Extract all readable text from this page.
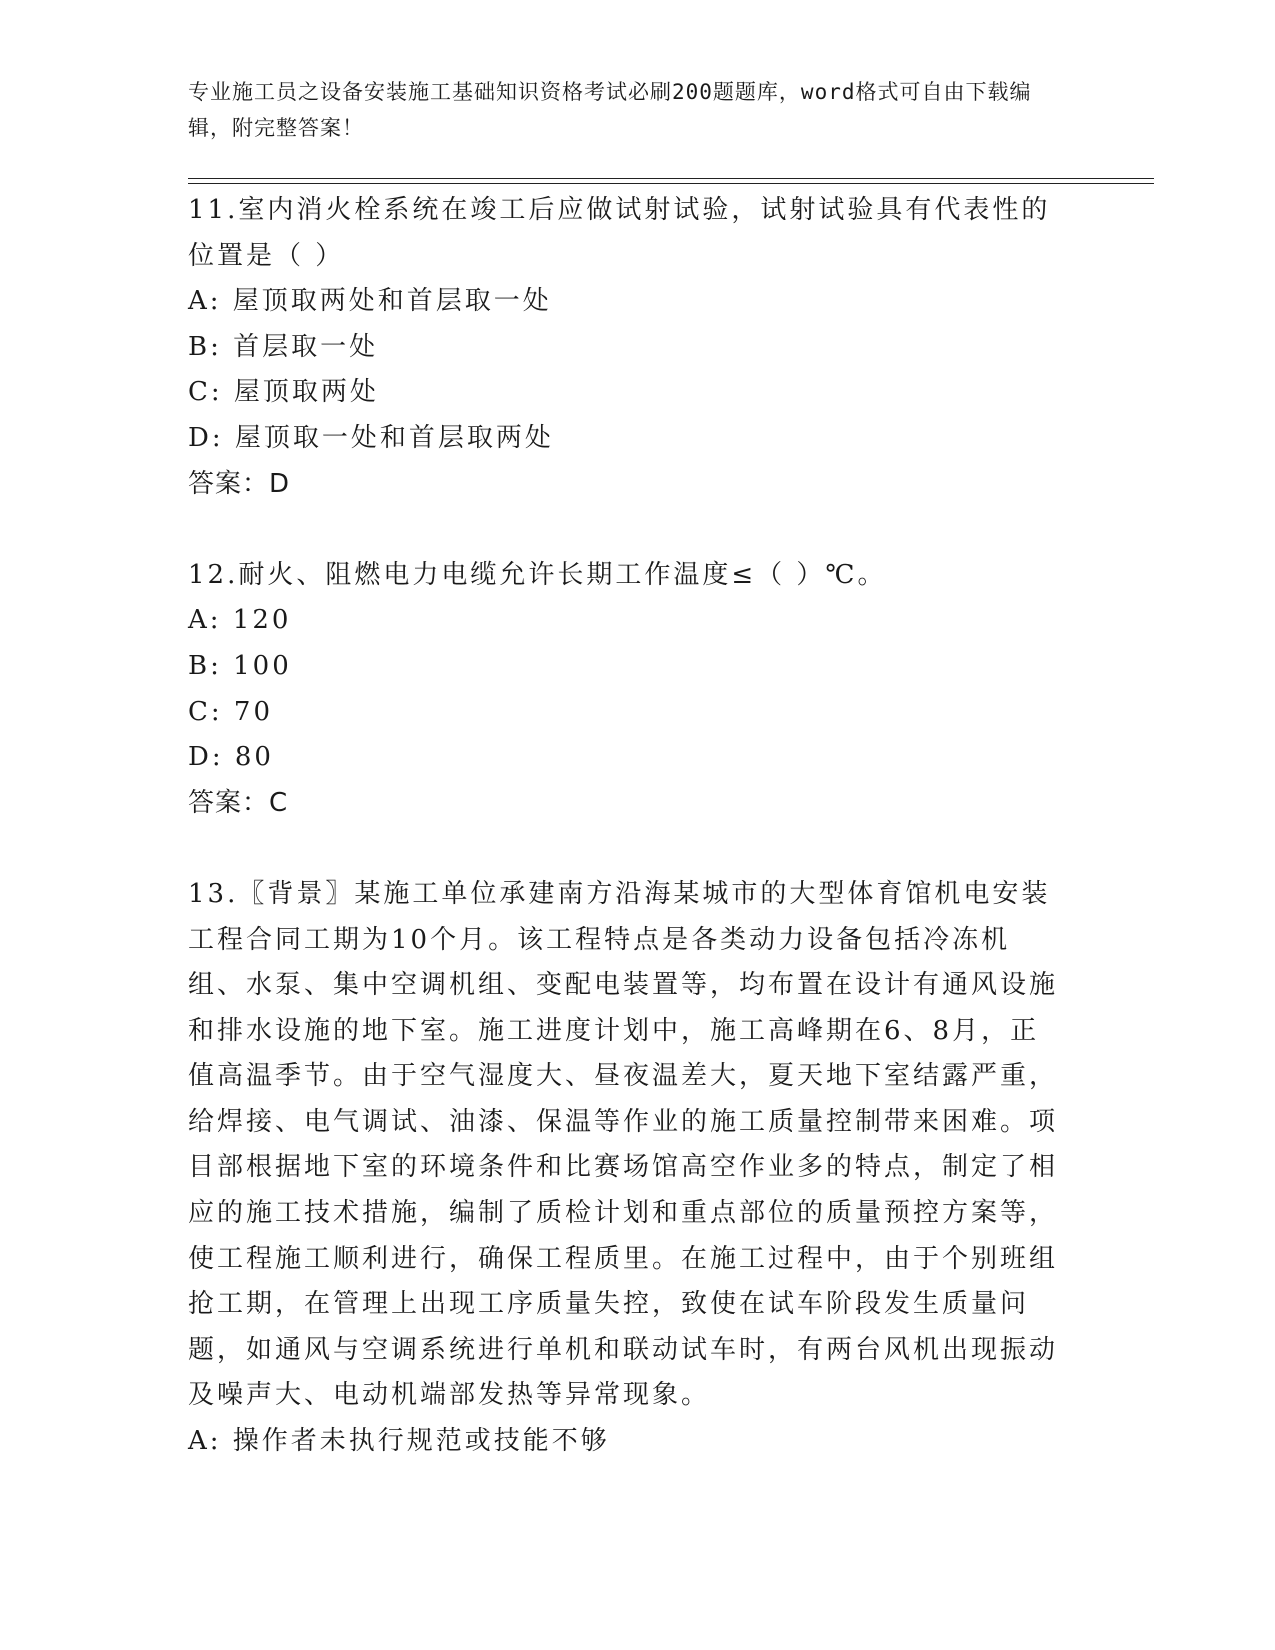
专业施工员之设备安装施工基础知识资格考试必刷200题题库，word格式可自由下载编辑，附完整答案！

11.室内消火栓系统在竣工后应做试射试验，试射试验具有代表性的位置是（ ）

A: 屋顶取两处和首层取一处

B: 首层取一处

C: 屋顶取两处

D: 屋顶取一处和首层取两处

答案：D

12.耐火、阻燃电力电缆允许长期工作温度≤（ ）℃。

A: 120

B: 100

C: 70

D: 80

答案：C

13.〖背景〗某施工单位承建南方沿海某城市的大型体育馆机电安装工程合同工期为10个月。该工程特点是各类动力设备包括冷冻机组、水泵、集中空调机组、变配电装置等，均布置在设计有通风设施和排水设施的地下室。施工进度计划中，施工高峰期在6、8月，正值高温季节。由于空气湿度大、昼夜温差大，夏天地下室结露严重，给焊接、电气调试、油漆、保温等作业的施工质量控制带来困难。项目部根据地下室的环境条件和比赛场馆高空作业多的特点，制定了相应的施工技术措施，编制了质检计划和重点部位的质量预控方案等，使工程施工顺利进行，确保工程质里。在施工过程中，由于个别班组抢工期，在管理上出现工序质量失控，致使在试车阶段发生质量问题，如通风与空调系统进行单机和联动试车时，有两台风机出现振动及噪声大、电动机端部发热等异常现象。

A: 操作者未执行规范或技能不够
